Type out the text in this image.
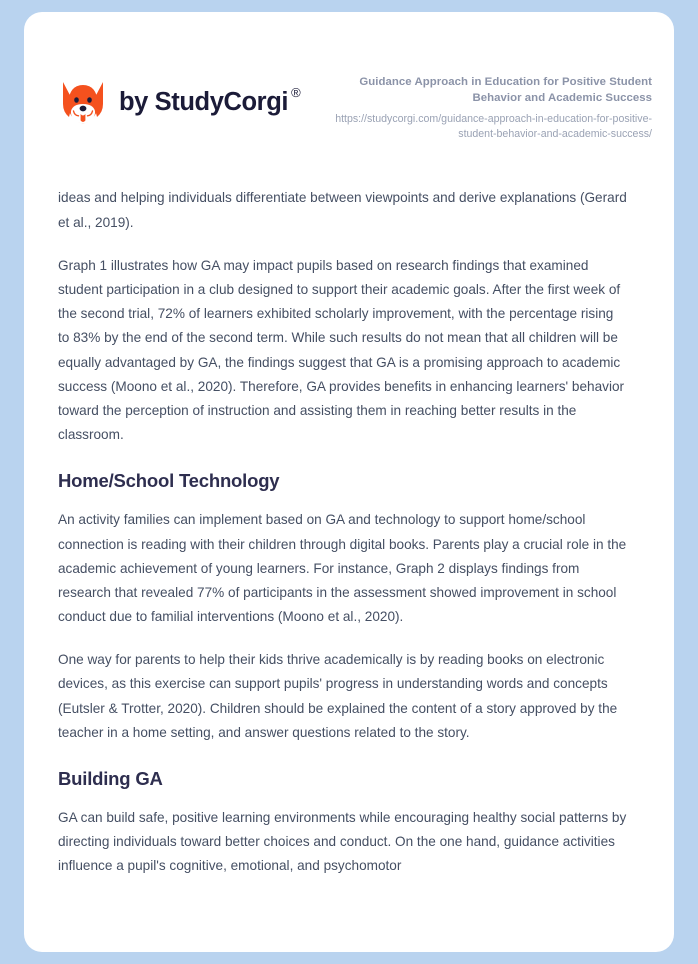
by StudyCorgi ®
Guidance Approach in Education for Positive Student Behavior and Academic Success
https://studycorgi.com/guidance-approach-in-education-for-positive-student-behavior-and-academic-success/

ideas and helping individuals differentiate between viewpoints and derive explanations (Gerard et al., 2019).

Graph 1 illustrates how GA may impact pupils based on research findings that examined student participation in a club designed to support their academic goals. After the first week of the second trial, 72% of learners exhibited scholarly improvement, with the percentage rising to 83% by the end of the second term. While such results do not mean that all children will be equally advantaged by GA, the findings suggest that GA is a promising approach to academic success (Moono et al., 2020). Therefore, GA provides benefits in enhancing learners' behavior toward the perception of instruction and assisting them in reaching better results in the classroom.

Home/School Technology

An activity families can implement based on GA and technology to support home/school connection is reading with their children through digital books. Parents play a crucial role in the academic achievement of young learners. For instance, Graph 2 displays findings from research that revealed 77% of participants in the assessment showed improvement in school conduct due to familial interventions (Moono et al., 2020).

One way for parents to help their kids thrive academically is by reading books on electronic devices, as this exercise can support pupils' progress in understanding words and concepts (Eutsler & Trotter, 2020). Children should be explained the content of a story approved by the teacher in a home setting, and answer questions related to the story.

Building GA

GA can build safe, positive learning environments while encouraging healthy social patterns by directing individuals toward better choices and conduct. On the one hand, guidance activities influence a pupil's cognitive, emotional, and psychomotor
